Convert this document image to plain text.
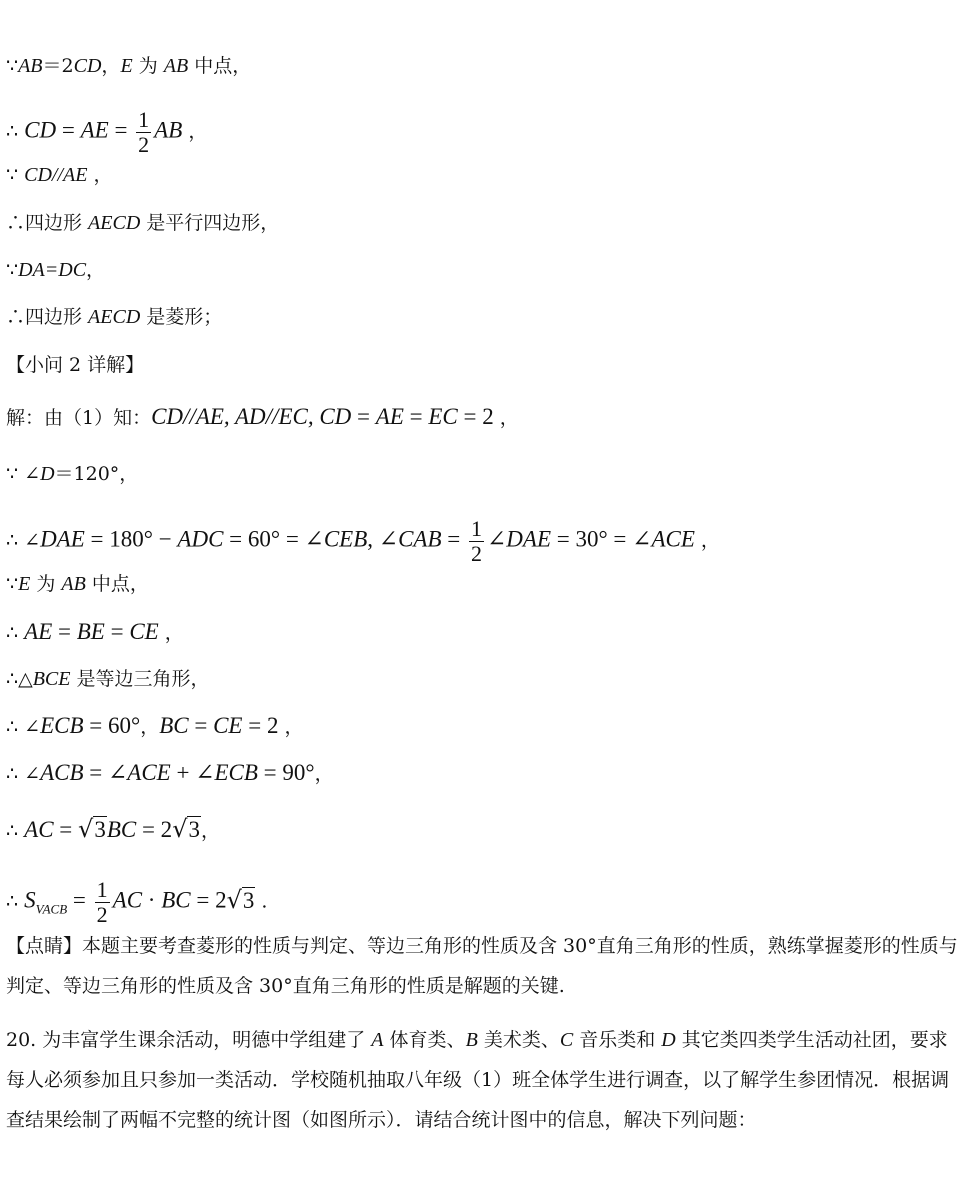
∵AB＝2CD，E 为 AB 中点，
∴ CD = AE = $\frac{1}{2}$ AB ，
∵ CD//AE ，
∴四边形 AECD 是平行四边形，
∵DA=DC，
∴四边形 AECD 是菱形；
【小问 2 详解】
解：由（1）知：CD//AE, AD//EC, CD = AE = EC = 2 ，
∵ ∠D＝120°，
∴ ∠DAE = 180° − ADC = 60° = ∠CEB, ∠CAB = $\frac{1}{2}$ ∠DAE = 30° = ∠ACE ，
∵E 为 AB 中点，
∴ AE = BE = CE ，
∴△BCE 是等边三角形，
∴ ∠ECB = 60°，BC = CE = 2 ，
∴ ∠ACB = ∠ACE + ∠ECB = 90°，
∴ AC = √3BC = 2√3，
∴ $S_{VACB} = \frac{1}{2}$ AC · BC = 2√3 .
【点睛】本题主要考查菱形的性质与判定、等边三角形的性质及含 30°直角三角形的性质，熟练掌握菱形的性质与判定、等边三角形的性质及含 30°直角三角形的性质是解题的关键.
20. 为丰富学生课余活动，明德中学组建了 A 体育类、B 美术类、C 音乐类和 D 其它类四类学生活动社团，要求每人必须参加且只参加一类活动．学校随机抽取八年级（1）班全体学生进行调查，以了解学生参团情况．根据调查结果绘制了两幅不完整的统计图（如图所示）．请结合统计图中的信息，解决下列问题：
